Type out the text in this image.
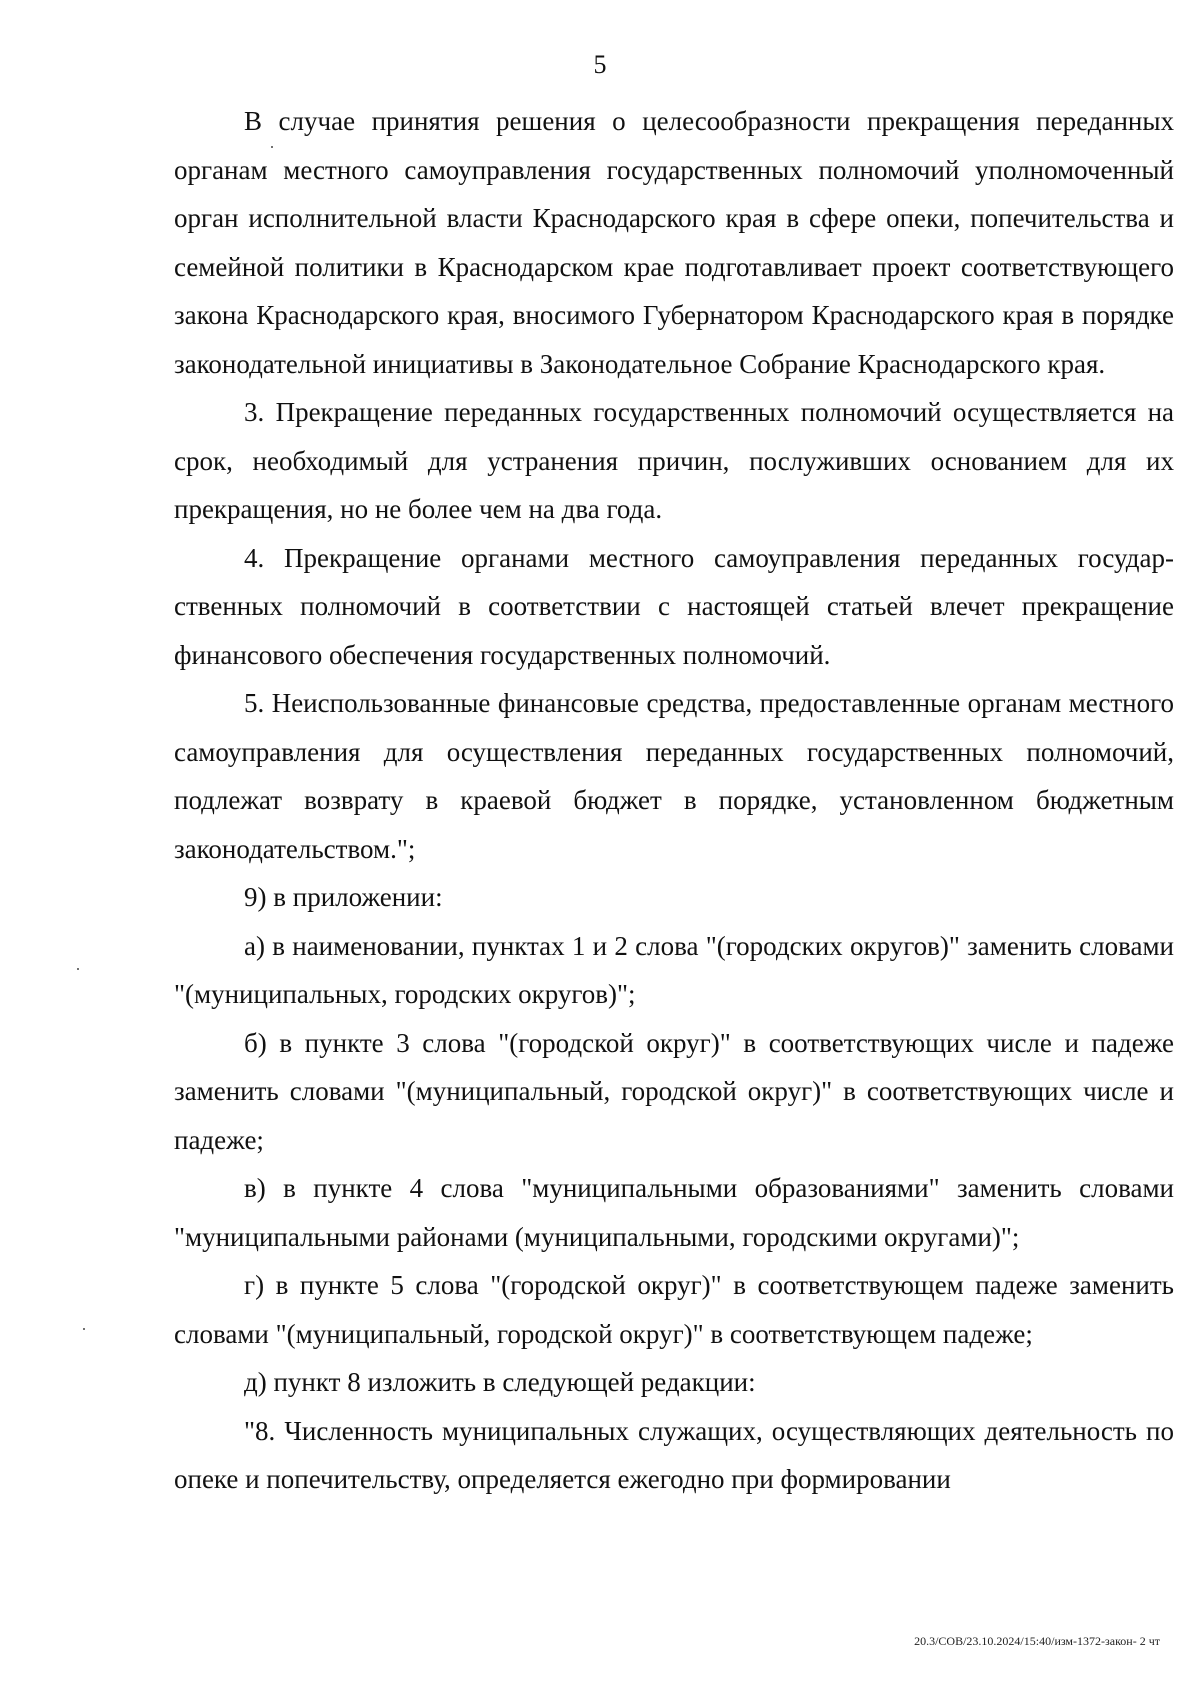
5

В случае принятия решения о целесообразности прекращения переданных органам местного самоуправления государственных полномочий уполномоченный орган исполнительной власти Краснодарского края в сфере опеки, попечительства и семейной политики в Краснодарском крае подготавливает проект соответствующего закона Краснодарского края, вносимого Губернатором Краснодарского края в порядке законодательной инициативы в Законодательное Собрание Краснодарского края.

3. Прекращение переданных государственных полномочий осуществляется на срок, необходимый для устранения причин, послуживших основанием для их прекращения, но не более чем на два года.

4. Прекращение органами местного самоуправления переданных государственных полномочий в соответствии с настоящей статьей влечет прекращение финансового обеспечения государственных полномочий.

5. Неиспользованные финансовые средства, предоставленные органам местного самоуправления для осуществления переданных государственных полномочий, подлежат возврату в краевой бюджет в порядке, установленном бюджетным законодательством.";

9) в приложении:

а) в наименовании, пунктах 1 и 2 слова "(городских округов)" заменить словами "(муниципальных, городских округов)";

б) в пункте 3 слова "(городской округ)" в соответствующих числе и падеже заменить словами "(муниципальный, городской округ)" в соответствующих числе и падеже;

в) в пункте 4 слова "муниципальными образованиями" заменить словами "муниципальными районами (муниципальными, городскими округами)";

г) в пункте 5 слова "(городской округ)" в соответствующем падеже заменить словами "(муниципальный, городской округ)" в соответствующем падеже;

д) пункт 8 изложить в следующей редакции:

"8. Численность муниципальных служащих, осуществляющих деятельность по опеке и попечительству, определяется ежегодно при формировании

20.3/СОВ/23.10.2024/15:40/изм-1372-закон- 2 чт
